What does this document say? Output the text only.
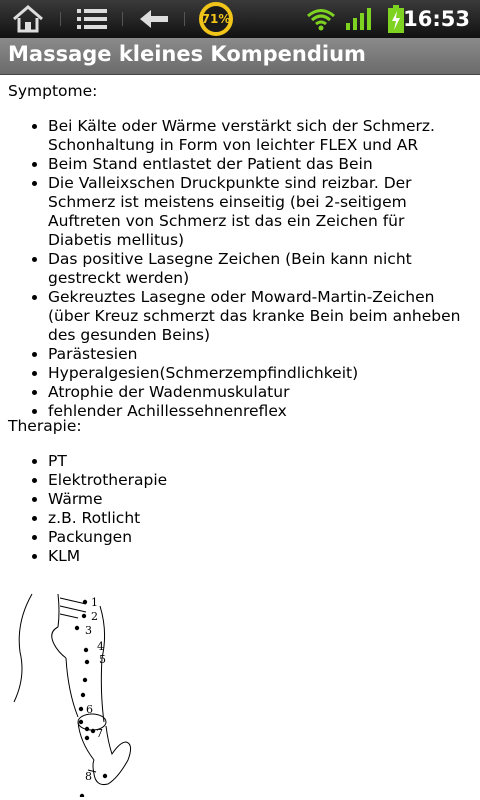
71%	16:53
Massage kleines Kompendium
Symptome:
• Bei Kälte oder Wärme verstärkt sich der Schmerz. Schonhaltung in Form von leichter FLEX und AR
• Beim Stand entlastet der Patient das Bein
• Die Valleixschen Druckpunkte sind reizbar. Der Schmerz ist meistens einseitig (bei 2-seitigem Auftreten von Schmerz ist das ein Zeichen für Diabetis mellitus)
• Das positive Lasegne Zeichen (Bein kann nicht gestreckt werden)
• Gekreuztes Lasegne oder Moward-Martin-Zeichen (über Kreuz schmerzt das kranke Bein beim anheben des gesunden Beins)
• Parästesien
• Hyperalgesien(Schmerzempfindlichkeit)
• Atrophie der Wadenmuskulatur
• fehlender Achillessehnenreflex
Therapie:
• PT
• Elektrotherapie
• Wärme
• z.B. Rotlicht
• Packungen
• KLM
1
2
3
4
5
6
7
8
